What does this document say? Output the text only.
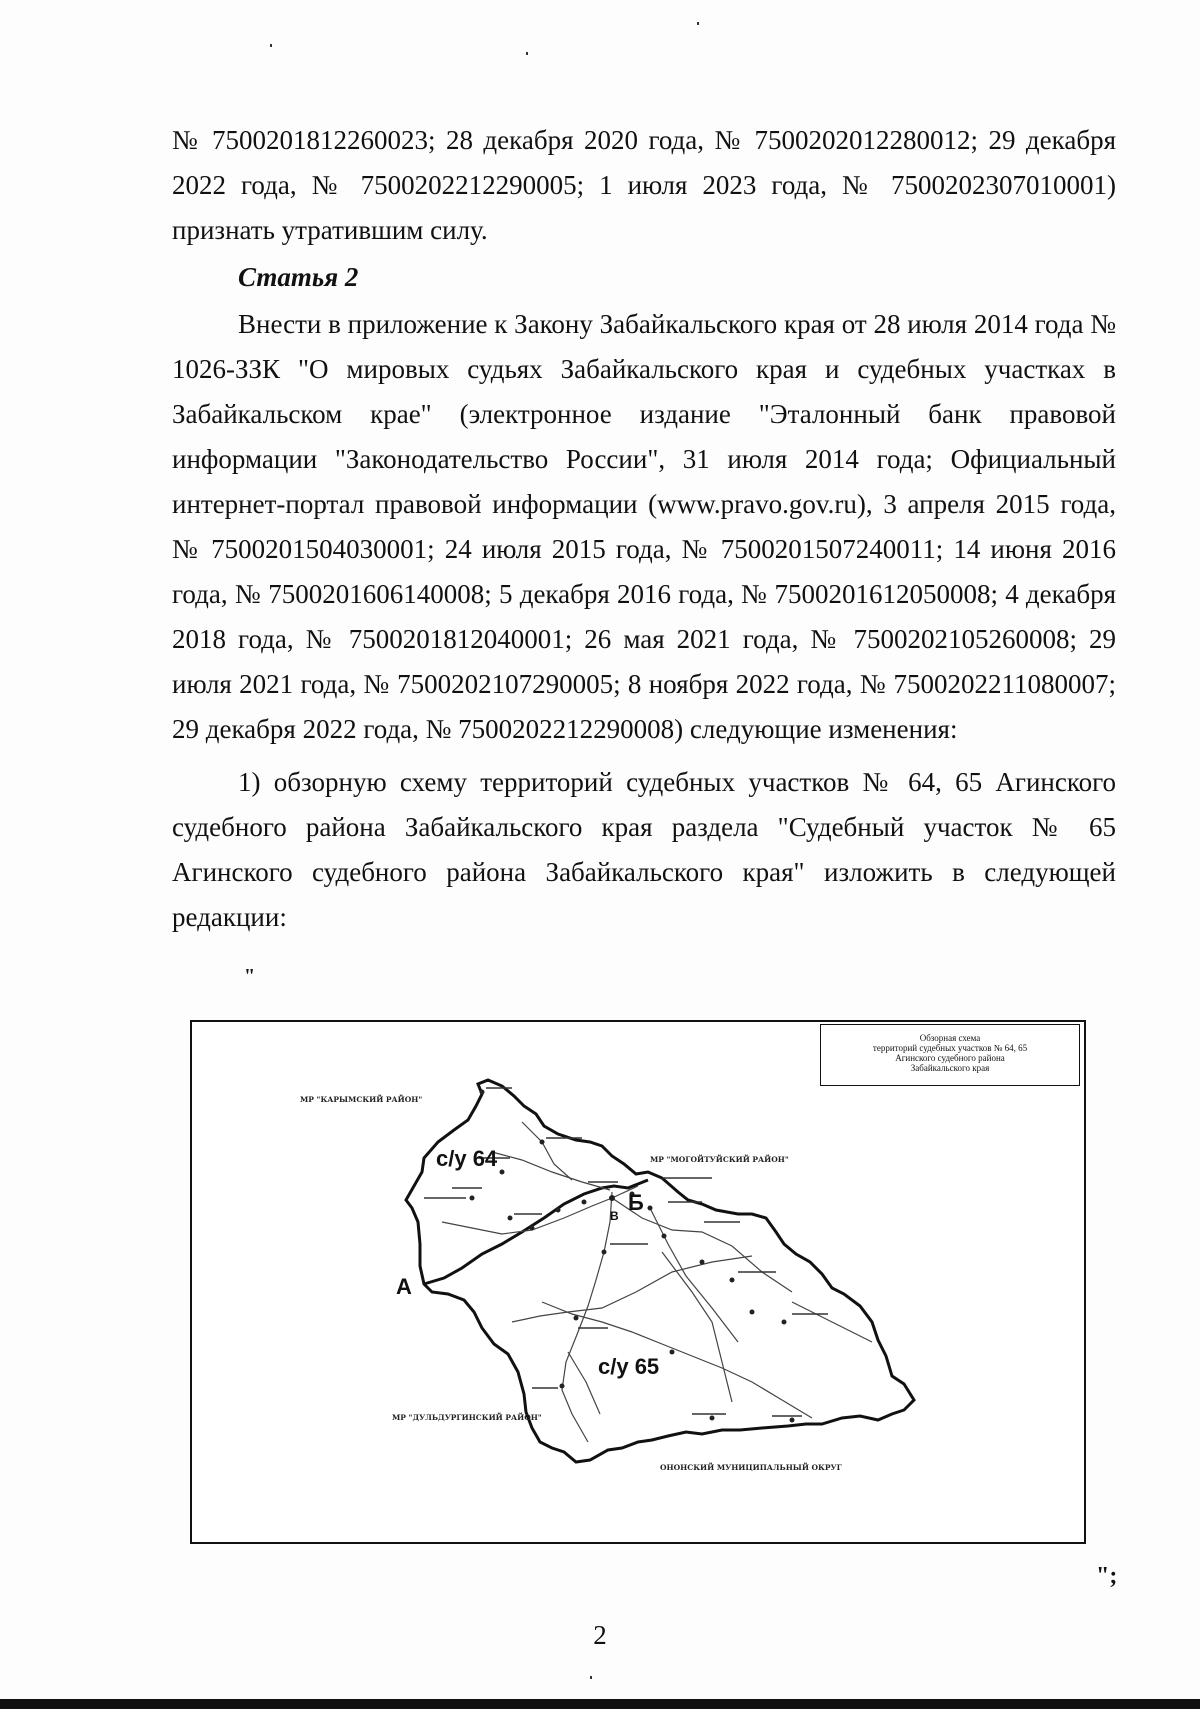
№ 7500201812260023; 28 декабря 2020 года, № 7500202012280012; 29 декабря 2022 года, № 7500202212290005; 1 июля 2023 года, № 7500202307010001) признать утратившим силу.

Статья 2

Внести в приложение к Закону Забайкальского края от 28 июля 2014 года № 1026-ЗЗК "О мировых судьях Забайкальского края и судебных участках в Забайкальском крае" (электронное издание "Эталонный банк правовой информации "Законодательство России", 31 июля 2014 года; Официальный интернет-портал правовой информации (www.pravo.gov.ru), 3 апреля 2015 года, № 7500201504030001; 24 июля 2015 года, № 7500201507240011; 14 июня 2016 года, № 7500201606140008; 5 декабря 2016 года, № 7500201612050008; 4 декабря 2018 года, № 7500201812040001; 26 мая 2021 года, № 7500202105260008; 29 июля 2021 года, № 7500202107290005; 8 ноября 2022 года, № 7500202211080007; 29 декабря 2022 года, № 7500202212290008) следующие изменения:

1) обзорную схему территорий судебных участков № 64, 65 Агинского судебного района Забайкальского края раздела "Судебный участок № 65 Агинского судебного района Забайкальского края" изложить в следующей редакции:

"
МР "КАРЫМСКИЙ РАЙОН"
МР "МОГОЙТУЙСКИЙ РАЙОН"
МР "ДУЛЬДУРГИНСКИЙ РАЙОН"
ОНОНСКИЙ МУНИЦИПАЛЬНЫЙ ОКРУГ
с/у 64
с/у 65
А
Б
В
Обзорная схема
территорий судебных участков № 64, 65
Агинского судебного района
Забайкальского края
";
2
